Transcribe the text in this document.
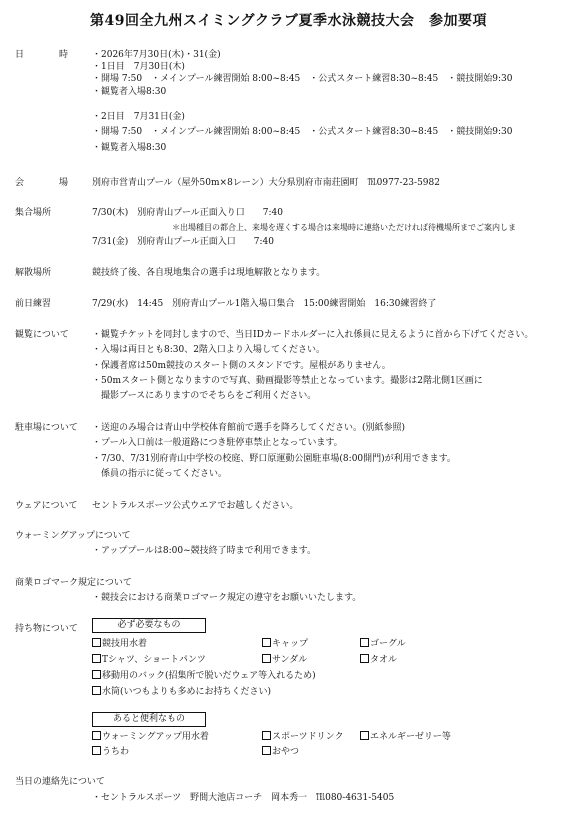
第49回全九州スイミングクラブ夏季水泳競技大会　参加要項
日　時 ・2026年7月30日(木)・31(金)
・1日目　7月30日(木)
・開場 7:50　・メインプール練習開始 8:00~8:45　・公式スタート練習8:30~8:45　・競技開始9:30
・観覧者入場8:30
・2日目　7月31日(金)
・開場 7:50　・メインプール練習開始 8:00~8:45　・公式スタート練習8:30~8:45　・競技開始9:30
・観覧者入場8:30
会　場 別府市営青山プール（屋外50m×8レーン）大分県別府市南荘園町　℡0977-23-5982
集合場所	7/30(木)　別府青山プール正面入り口　　7:40
＊出場種目の都合上、来場を遅くする場合は来場時に連絡いただければ待機場所までご案内しま
7/31(金)　別府青山プール正面入口　　7:40
解散場所	競技終了後、各自現地集合の選手は現地解散となります。
前日練習	7/29(水)　14:45　別府青山プール1階入場口集合　15:00練習開始　16:30練習終了
観覧について	・観覧チケットを同封しますので、当日IDカードホルダーに入れ係員に見えるように首から下げてください。
・入場は両日とも8:30、2階入口より入場してください。
・保護者席は50m競技のスタート側のスタンドです。屋根がありません。
・50mスタート側となりますので写真、動画撮影等禁止となっています。撮影は2階北側1区画に
　撮影ブースにありますのでそちらをご利用ください。
駐車場について ・送迎のみ場合は青山中学校体育館前で選手を降ろしてください。(別紙参照)
・プール入口前は一般道路につき駐停車禁止となっています。
・7/30、7/31別府青山中学校の校庭、野口原運動公園駐車場(8:00開門)が利用できます。
　係員の指示に従ってください。
ウェアについて セントラルスポーツ公式ウエアでお越しください。
ウォーミングアップについて
・アッププールは8:00~競技終了時まで利用できます。
商業ロゴマーク規定について
・競技会における商業ロゴマーク規定の遵守をお願いいたします。
持ち物について	必ず必要なもの
競技用水着	キャップ	ゴーグル
Tシャツ、ショートパンツ	サンダル	タオル
移動用のバック(招集所で脱いだウェア等入れるため)
水筒(いつもよりも多めにお持ちください)
あると便利なもの
ウォーミングアップ用水着	スポーツドリンク	エネルギーゼリー等
うちわ	おやつ
当日の連絡先について
・セントラルスポーツ　野間大池店コーチ　岡本秀一　℡080-4631-5405
